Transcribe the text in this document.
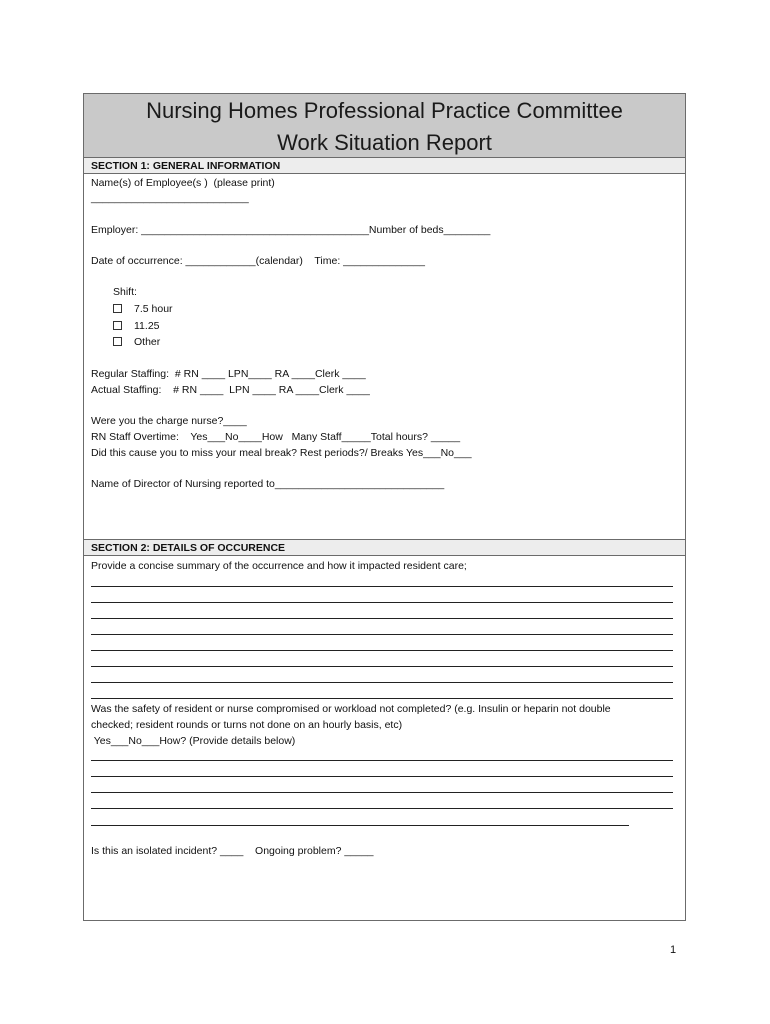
Nursing Homes Professional Practice Committee
Work Situation Report
SECTION 1: GENERAL INFORMATION
Name(s) of Employee(s )  (please print)
___________________________
Employer: _______________________________________Number of beds________
Date of occurrence: ____________(calendar)    Time: ______________
Shift:
7.5 hour
11.25
Other
Regular Staffing:  # RN ____ LPN____ RA ____Clerk ____
Actual Staffing:    # RN ____  LPN ____ RA ____Clerk ____
Were you the charge nurse?____
RN Staff Overtime:    Yes___No____How   Many Staff_____Total hours? _____
Did this cause you to miss your meal break? Rest periods?/ Breaks Yes___No___
Name of Director of Nursing reported to_____________________________
SECTION 2: DETAILS OF OCCURENCE
Provide a concise summary of the occurrence and how it impacted resident care;
Was the safety of resident or nurse compromised or workload not completed? (e.g. Insulin or heparin not double
checked; resident rounds or turns not done on an hourly basis, etc)
Yes___No___How? (Provide details below)
Is this an isolated incident? ____    Ongoing problem? _____
1
